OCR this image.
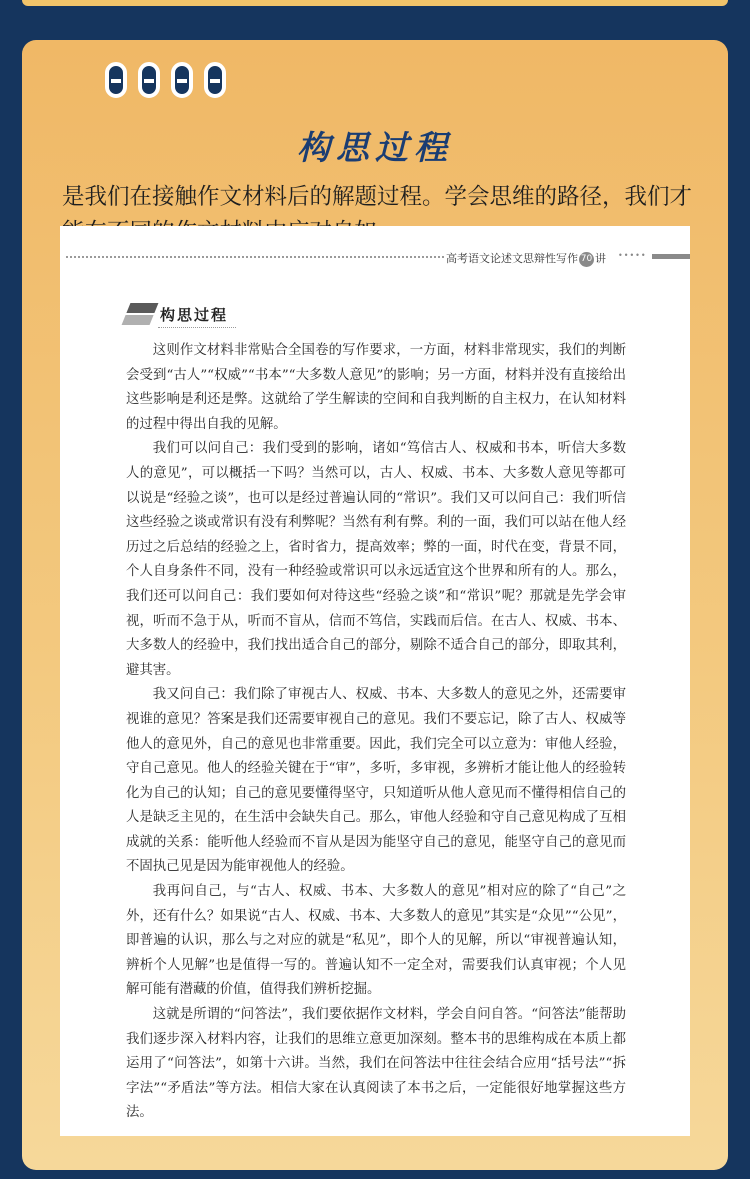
构思过程

是我们在接触作文材料后的解题过程。学会思维的路径，我们才

高考语文论述文思辩性写作 70 讲 •••••
构思过程

这则作文材料非常贴合全国卷的写作要求，一方面，材料非常现实，我们的判断会受到“古人”“权威”“书本”“大多数人意见”的影响；另一方面，材料并没有直接给出这些影响是利还是弊。这就给了学生解读的空间和自我判断的自主权力，在认知材料的过程中得出自我的见解。

我们可以问自己：我们受到的影响，诸如“笃信古人、权威和书本，听信大多数人的意见”，可以概括一下吗？当然可以，古人、权威、书本、大多数人意见等都可以说是“经验之谈”，也可以是经过普遍认同的“常识”。我们又可以问自己：我们听信这些经验之谈或常识有没有利弊呢？当然有利有弊。利的一面，我们可以站在他人经历过之后总结的经验之上，省时省力，提高效率；弊的一面，时代在变，背景不同，个人自身条件不同，没有一种经验或常识可以永远适宜这个世界和所有的人。那么，我们还可以问自己：我们要如何对待这些“经验之谈”和“常识”呢？那就是先学会审视，听而不急于从，听而不盲从，信而不笃信，实践而后信。在古人、权威、书本、大多数人的经验中，我们找出适合自己的部分，剔除不适合自己的部分，即取其利，避其害。

我又问自己：我们除了审视古人、权威、书本、大多数人的意见之外，还需要审视谁的意见？答案是我们还需要审视自己的意见。我们不要忘记，除了古人、权威等他人的意见外，自己的意见也非常重要。因此，我们完全可以立意为：审他人经验，守自己意见。他人的经验关键在于“审”，多听，多审视，多辨析才能让他人的经验转化为自己的认知；自己的意见要懂得坚守，只知道听从他人意见而不懂得相信自己的人是缺乏主见的，在生活中会缺失自己。那么，审他人经验和守自己意见构成了互相成就的关系：能听他人经验而不盲从是因为能坚守自己的意见，能坚守自己的意见而不固执己见是因为能审视他人的经验。

我再问自己，与“古人、权威、书本、大多数人的意见”相对应的除了“自己”之外，还有什么？如果说“古人、权威、书本、大多数人的意见”其实是“众见”“公见”，即普遍的认识，那么与之对应的就是“私见”，即个人的见解，所以“审视普遍认知，辨析个人见解”也是值得一写的。普遍认知不一定全对，需要我们认真审视；个人见解可能有潜藏的价值，值得我们辨析挖掘。

这就是所谓的“问答法”，我们要依据作文材料，学会自问自答。“问答法”能帮助我们逐步深入材料内容，让我们的思维立意更加深刻。整本书的思维构成在本质上都运用了“问答法”，如第十六讲。当然，我们在问答法中往往会结合应用“括号法”“拆字法”“矛盾法”等方法。相信大家在认真阅读了本书之后，一定能很好地掌握这些方法。
